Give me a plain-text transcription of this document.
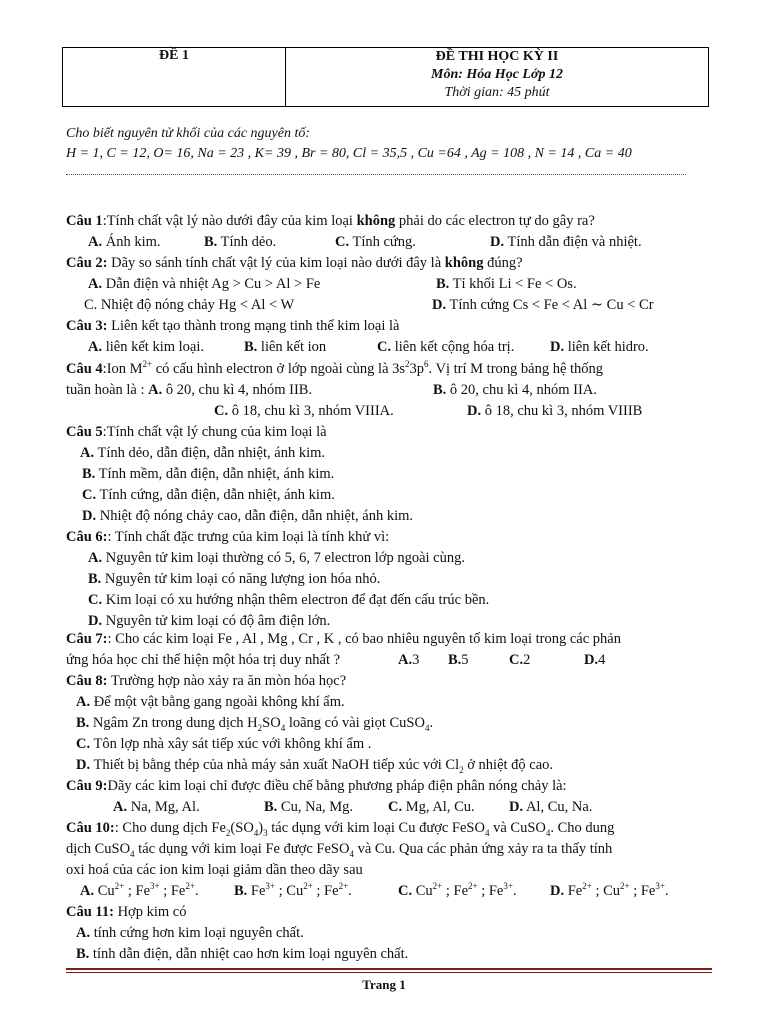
ĐỀ 1	ĐỀ THI HỌC KỲ II
Môn: Hóa Học Lớp 12
Thời gian: 45 phút
Cho biết nguyên tử khối của các nguyên tố:
H = 1, C = 12, O= 16, Na = 23 , K= 39 , Br = 80, Cl = 35,5 , Cu =64 , Ag = 108 , N = 14 , Ca = 40
Câu 1:Tính chất vật lý nào dưới đây của kim loại không phải do các electron tự do gây ra?
A. Ánh kim.	B. Tính dẻo.	C. Tính cứng.	D. Tính dẫn điện và nhiệt.
Câu 2: Dãy so sánh tính chất vật lý của kim loại nào dưới đây là không đúng?
A. Dẫn điện và nhiệt Ag > Cu > Al > Fe	B. Tỉ khối Li < Fe < Os.
C. Nhiệt độ nóng chảy Hg < Al < W	D. Tính cứng Cs < Fe < Al ∼ Cu < Cr
Câu 3: Liên kết tạo thành trong mạng tinh thể kim loại là
A. liên kết kim loại.	B. liên kết ion	C. liên kết cộng hóa trị. D. liên kết hidro.
Câu 4:Ion $M^{2+}$ có cấu hình electron ở lớp ngoài cùng là $3s^23p^6$. Vị trí M trong bảng hệ thống
tuần hoàn là : A. ô 20, chu kì 4, nhóm IIB.	B. ô 20, chu kì 4, nhóm IIA.
C. ô 18, chu kì 3, nhóm VIIIA.	D. ô 18, chu kì 3, nhóm VIIIB
Câu 5:Tính chất vật lý chung của kim loại là
A. Tính dẻo, dẫn điện, dẫn nhiệt, ánh kim.
B. Tính mềm, dẫn điện, dẫn nhiệt, ánh kim.
C. Tính cứng, dẫn điện, dẫn nhiệt, ánh kim.
D. Nhiệt độ nóng chảy cao, dẫn điện, dẫn nhiệt, ánh kim.
Câu 6:: Tính chất đặc trưng của kim loại là tính khử vì:
A. Nguyên tử kim loại thường có 5, 6, 7 electron lớp ngoài cùng.
B. Nguyên tử kim loại có năng lượng ion hóa nhỏ.
C. Kim loại có xu hướng nhận thêm electron để đạt đến cấu trúc bền.
D. Nguyên tử kim loại có độ âm điện lớn.
Câu 7:: Cho các kim loại Fe , Al , Mg , Cr , K , có bao nhiêu nguyên tố kim loại trong các phản
ứng hóa học chỉ thể hiện một hóa trị duy nhất ?	A.3 B.5	C.2	D.4
Câu 8: Trường hợp nào xảy ra ăn mòn hóa học?
A. Để một vật bằng gang ngoài không khí ẩm.
B. Ngâm Zn trong dung dịch $H_2SO_4$ loãng có vài giọt CuSO$_4$.
C. Tôn lợp nhà xây sát tiếp xúc với không khí ẩm .
D. Thiết bị bằng thép của nhà máy sản xuất NaOH tiếp xúc với $Cl_2$ ở nhiệt độ cao.
Câu 9:Dãy các kim loại chỉ được điều chế bằng phương pháp điện phân nóng chảy là:
A. Na, Mg, Al.	B. Cu, Na, Mg. C. Mg, Al, Cu. D. Al, Cu, Na.
Câu 10:: Cho dung dịch $Fe_2(SO_4)_3$ tác dụng với kim loại Cu được FeSO$_4$ và CuSO$_4$. Cho dung
dịch CuSO$_4$ tác dụng với kim loại Fe được FeSO$_4$ và Cu. Qua các phản ứng xảy ra ta thấy tính
oxi hoá của các ion kim loại giảm dần theo dãy sau
A. $Cu^{2+}$ ; $Fe^{3+}$ ; $Fe^{2+}$. B. $Fe^{3+}$ ; $Cu^{2+}$ ; $Fe^{2+}$.	C. $Cu^{2+}$ ; $Fe^{2+}$ ; $Fe^{3+}$. D. $Fe^{2+}$ ; $Cu^{2+}$ ; $Fe^{3+}$.
Câu 11: Hợp kim có
A. tính cứng hơn kim loại nguyên chất.
B. tính dẫn điện, dẫn nhiệt cao hơn kim loại nguyên chất.
Trang 1
